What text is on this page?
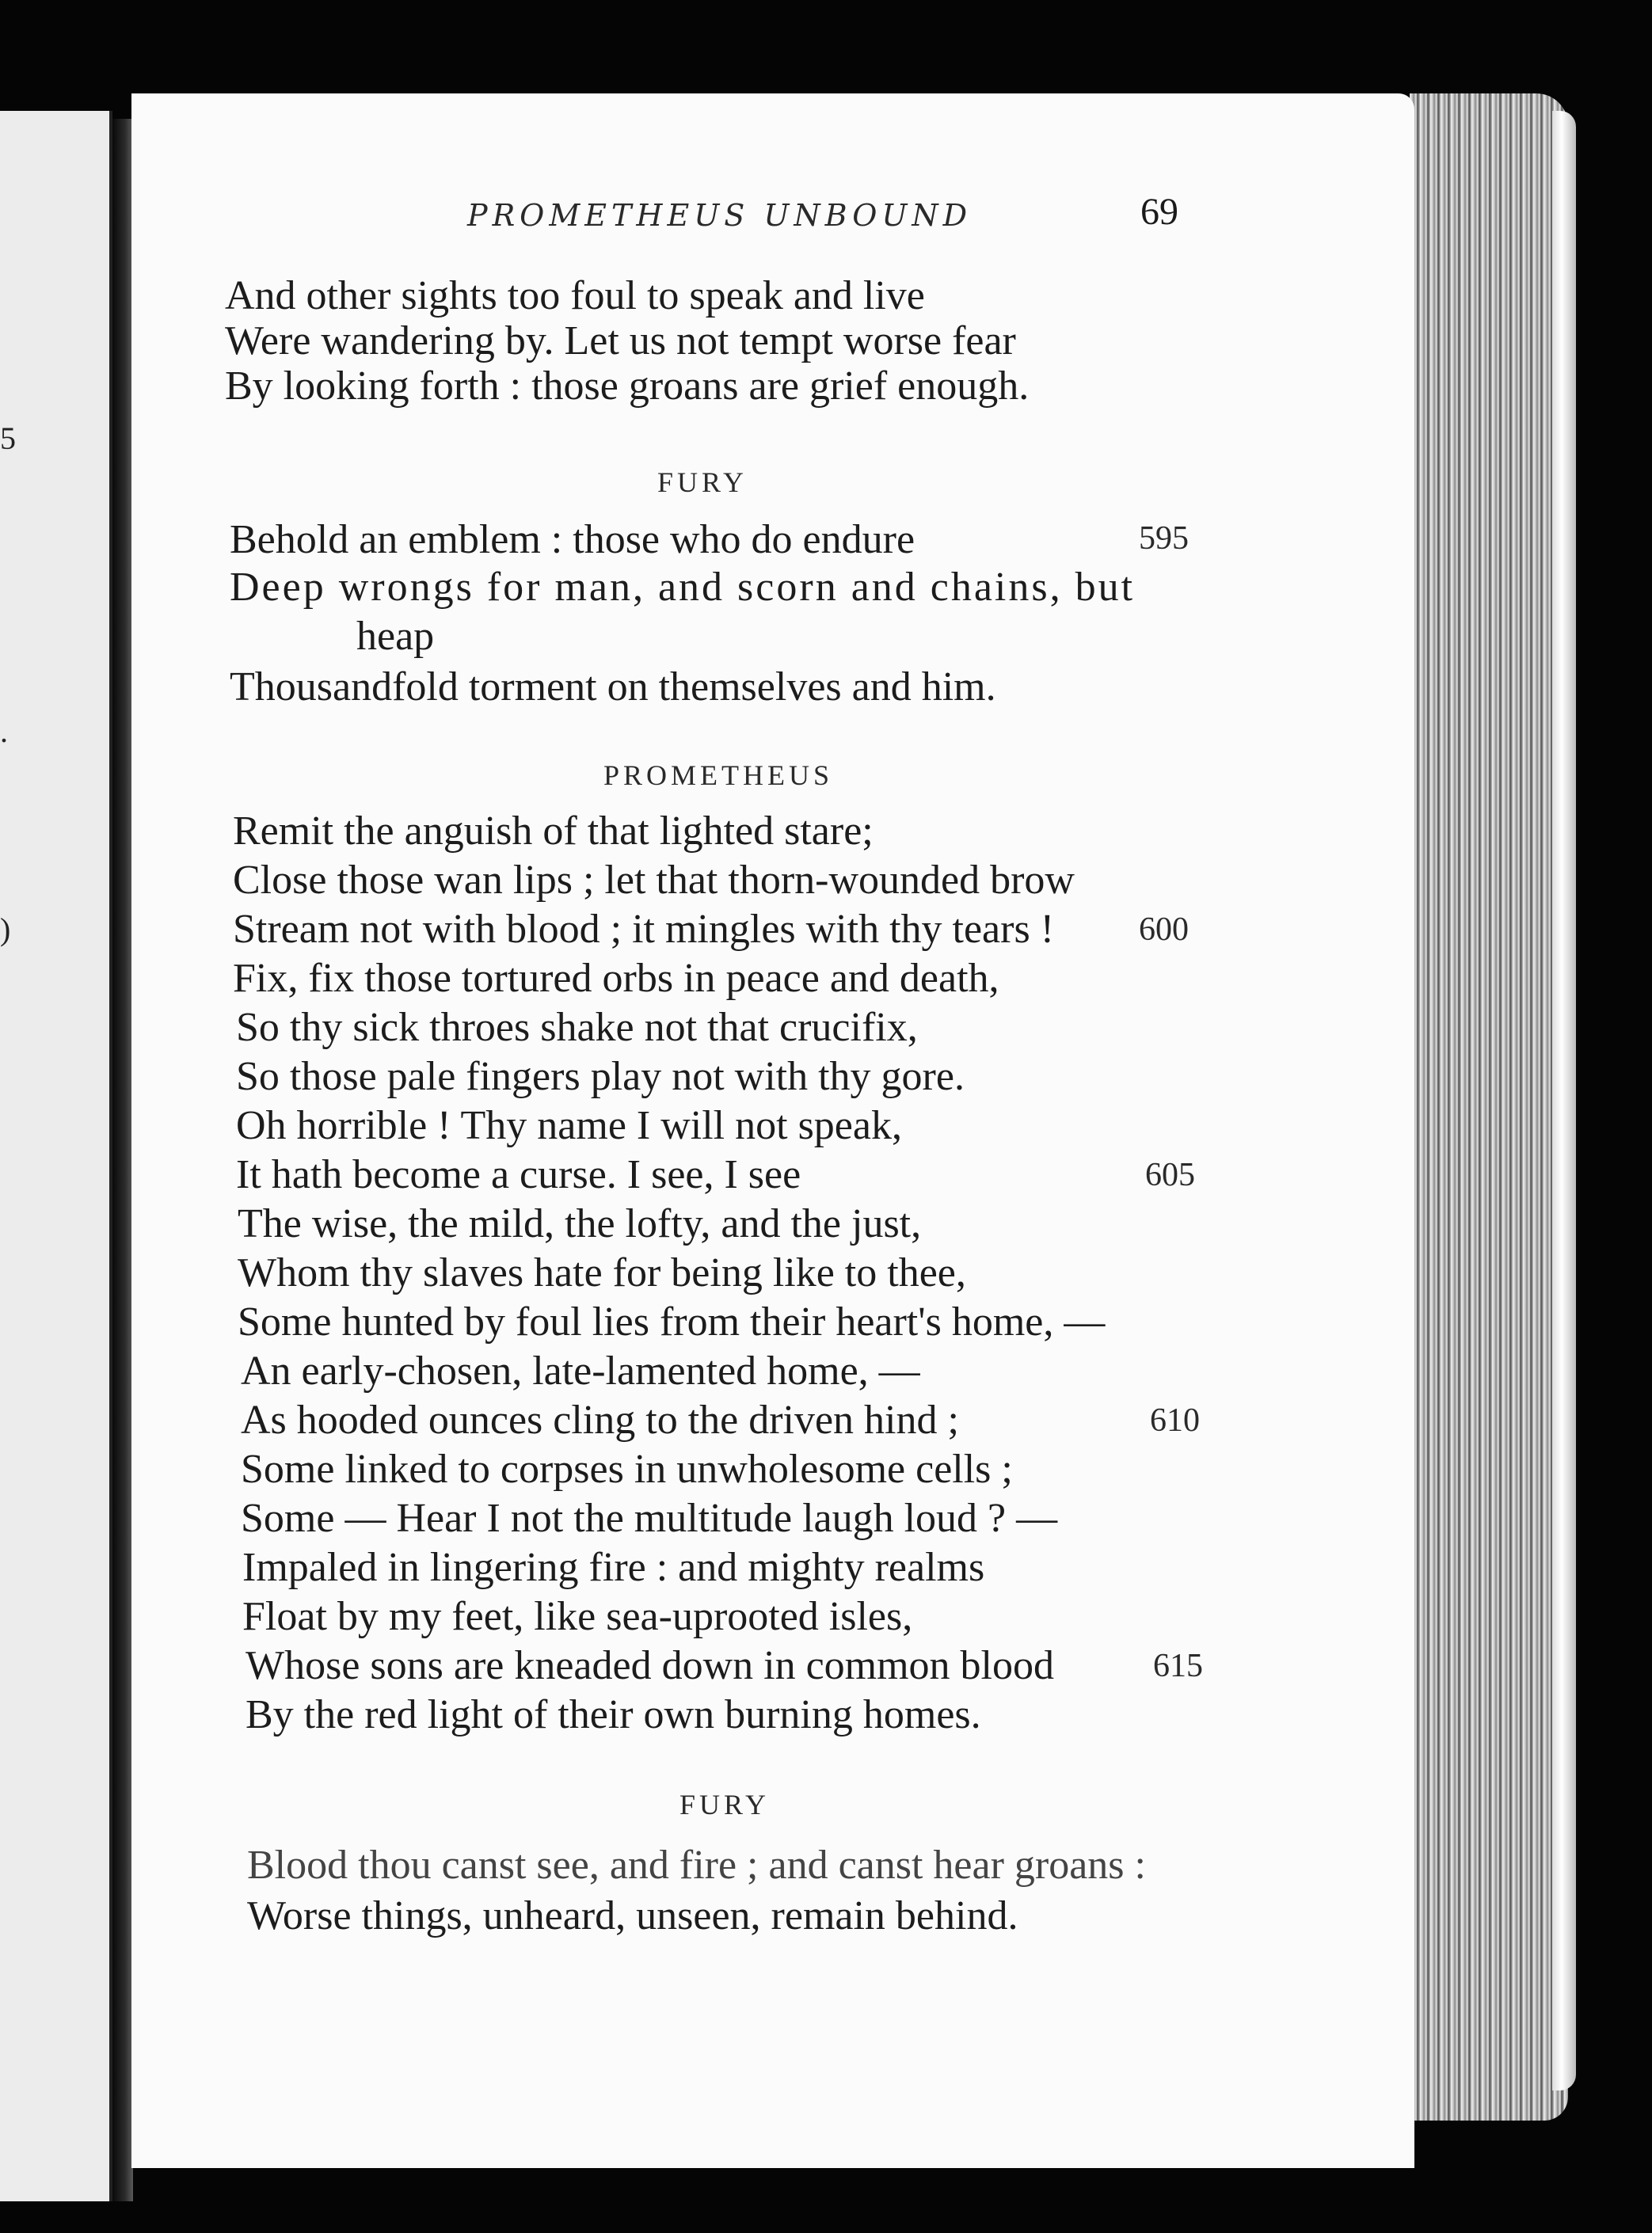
5
.
)
PROMETHEUS UNBOUND	69
And other sights too foul to speak and live
Were wandering by. Let us not tempt worse fear
By looking forth : those groans are grief enough.
FURY
Behold an emblem : those who do endure	595
Deep wrongs for man, and scorn and chains, but
heap
Thousandfold torment on themselves and him.
PROMETHEUS
Remit the anguish of that lighted stare;
Close those wan lips ; let that thorn-wounded brow
Stream not with blood ; it mingles with thy tears !	600
Fix, fix those tortured orbs in peace and death,
So thy sick throes shake not that crucifix,
So those pale fingers play not with thy gore.
Oh horrible ! Thy name I will not speak,
It hath become a curse. I see, I see	605
The wise, the mild, the lofty, and the just,
Whom thy slaves hate for being like to thee,
Some hunted by foul lies from their heart's home, —
An early-chosen, late-lamented home, —
As hooded ounces cling to the driven hind ;	610
Some linked to corpses in unwholesome cells ;
Some — Hear I not the multitude laugh loud ? —
Impaled in lingering fire : and mighty realms
Float by my feet, like sea-uprooted isles,
Whose sons are kneaded down in common blood	615
By the red light of their own burning homes.
FURY
Blood thou canst see, and fire ; and canst hear groans :
Worse things, unheard, unseen, remain behind.
